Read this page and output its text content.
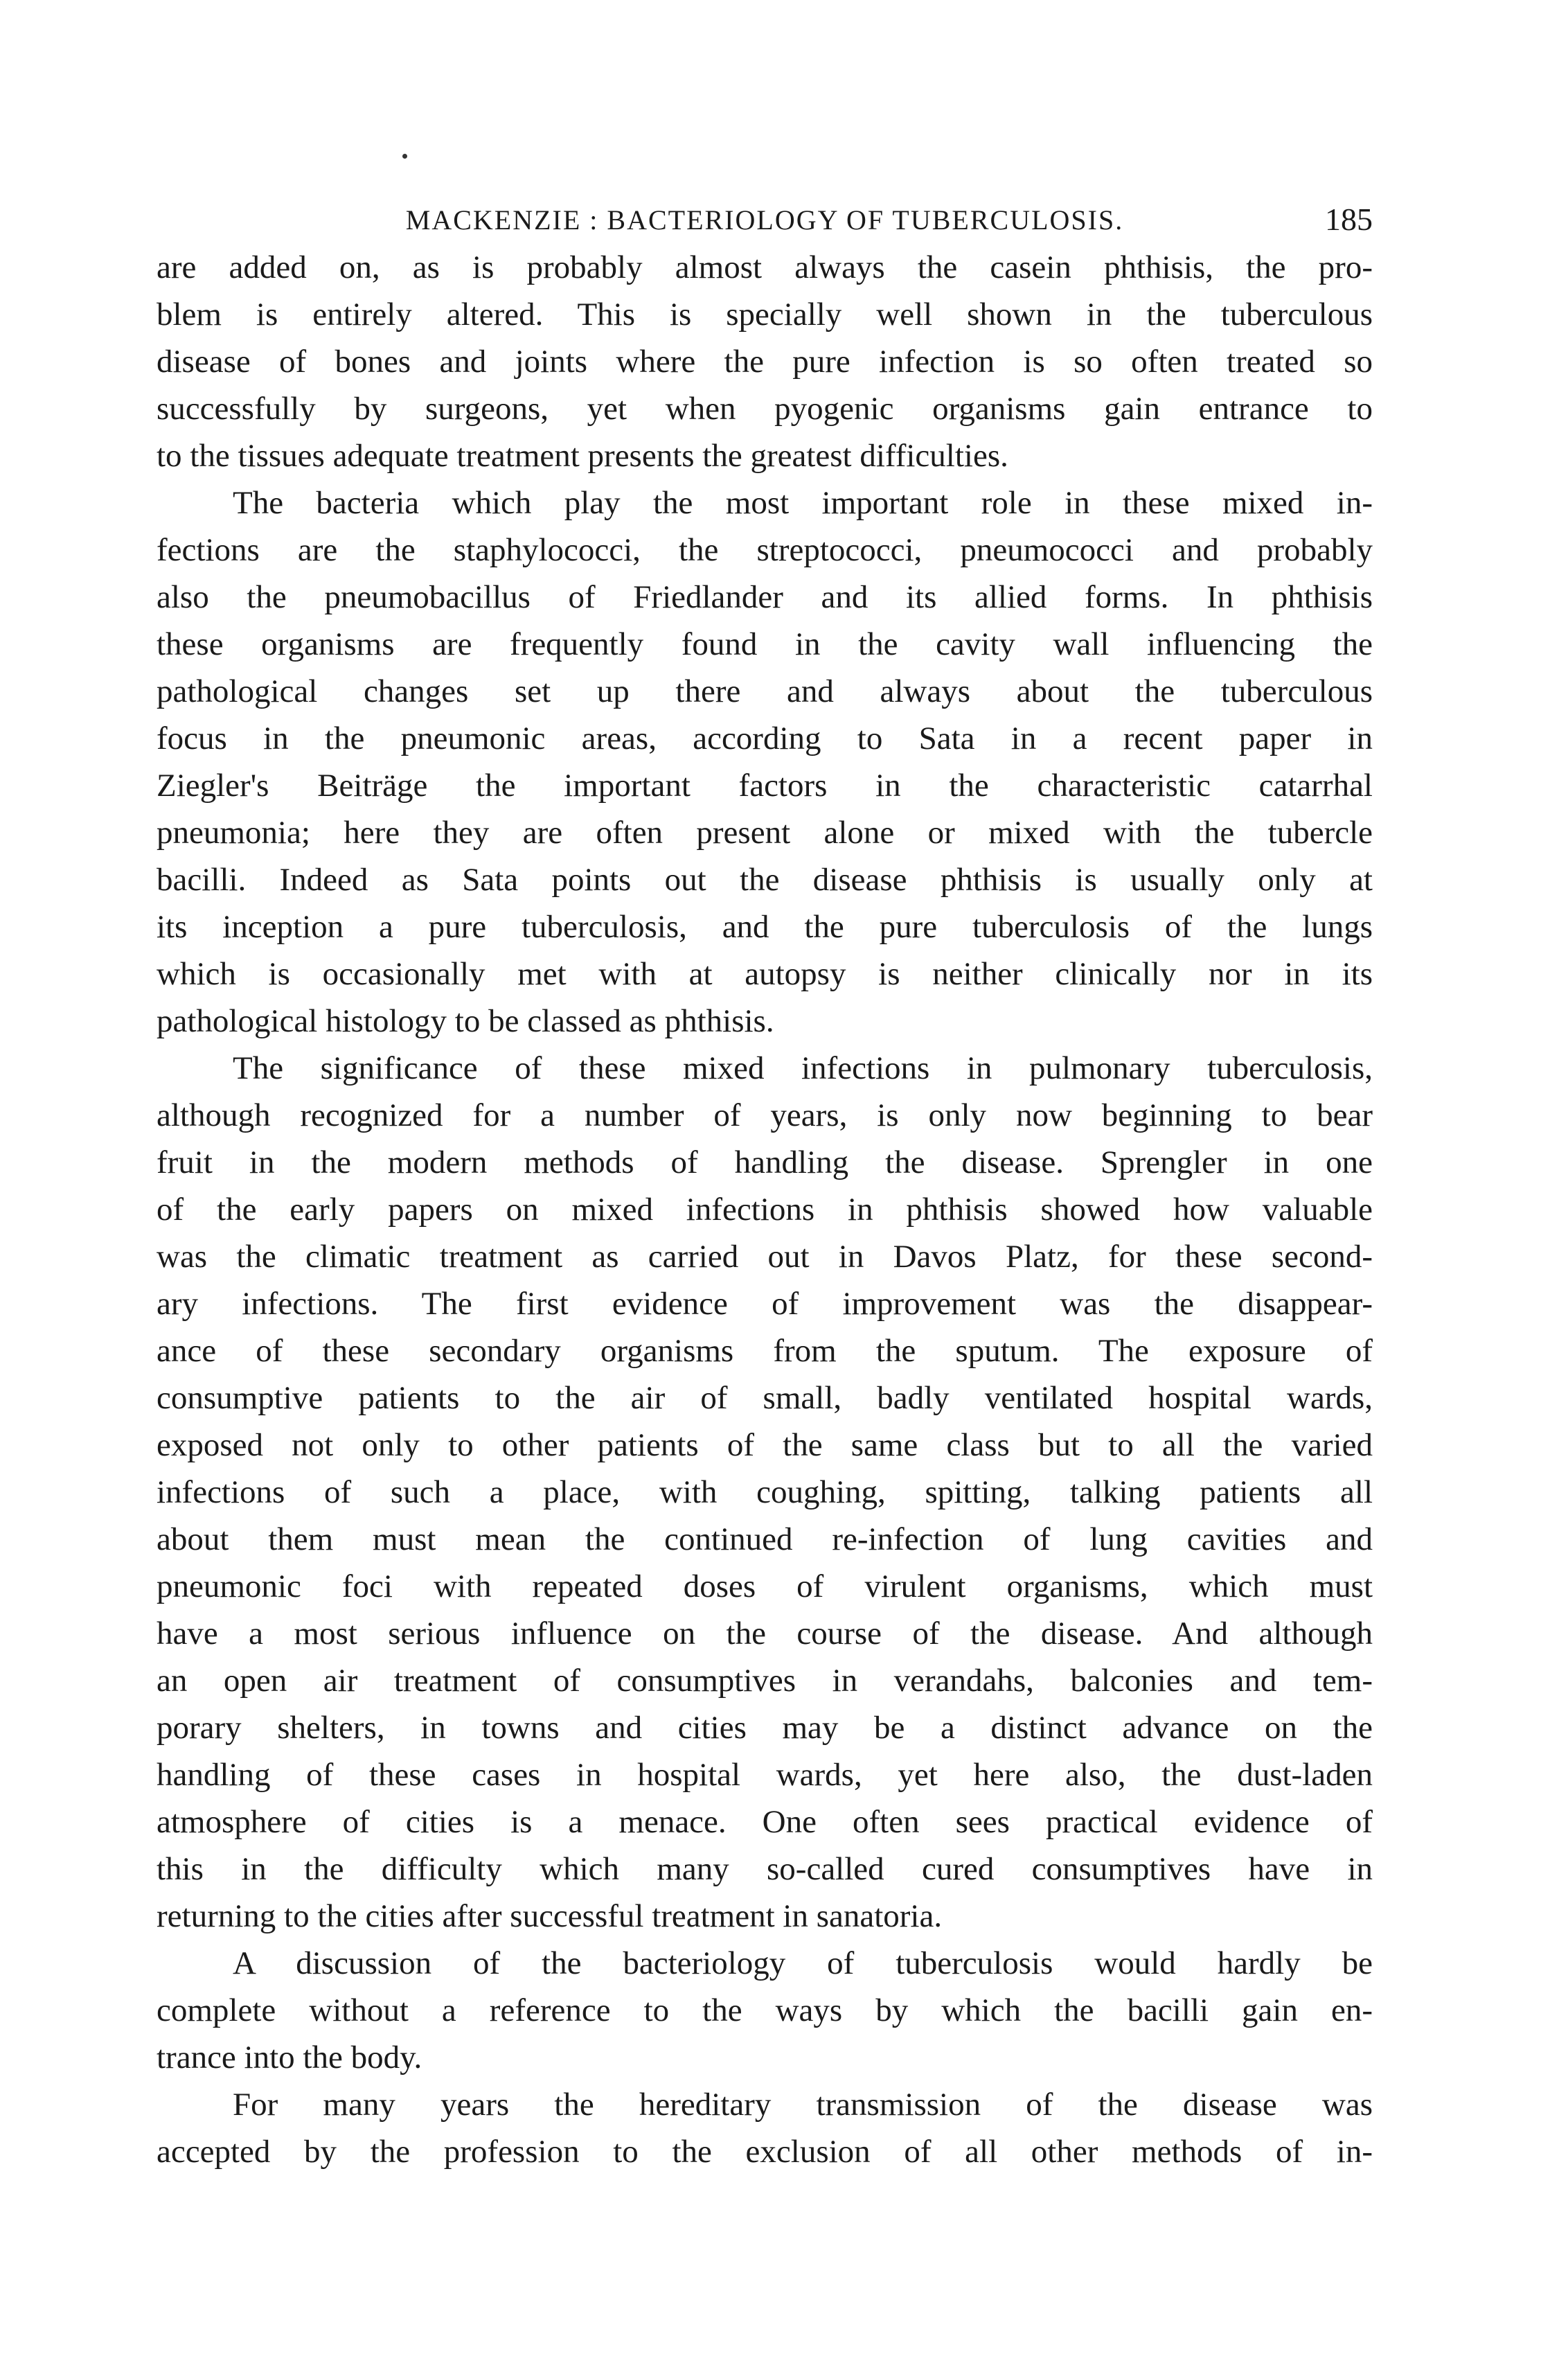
MACKENZIE : BACTERIOLOGY OF TUBERCULOSIS.	185
are added on, as is probably almost always the casein phthisis, the pro-
blem is entirely altered. This is specially well shown in the tuberculous
disease of bones and joints where the pure infection is so often treated so
successfully by surgeons, yet when pyogenic organisms gain entrance to
to the tissues adequate treatment presents the greatest difficulties.
The bacteria which play the most important role in these mixed in-
fections are the staphylococci, the streptococci, pneumococci and probably
also the pneumobacillus of Friedlander and its allied forms. In phthisis
these organisms are frequently found in the cavity wall influencing the
pathological changes set up there and always about the tuberculous
focus in the pneumonic areas, according to Sata in a recent paper in
Ziegler's Beiträge the important factors in the characteristic catarrhal
pneumonia; here they are often present alone or mixed with the tubercle
bacilli. Indeed as Sata points out the disease phthisis is usually only at
its inception a pure tuberculosis, and the pure tuberculosis of the lungs
which is occasionally met with at autopsy is neither clinically nor in its
pathological histology to be classed as phthisis.
The significance of these mixed infections in pulmonary tuberculosis,
although recognized for a number of years, is only now beginning to bear
fruit in the modern methods of handling the disease. Sprengler in one
of the early papers on mixed infections in phthisis showed how valuable
was the climatic treatment as carried out in Davos Platz, for these second-
ary infections. The first evidence of improvement was the disappear-
ance of these secondary organisms from the sputum. The exposure of
consumptive patients to the air of small, badly ventilated hospital wards,
exposed not only to other patients of the same class but to all the varied
infections of such a place, with coughing, spitting, talking patients all
about them must mean the continued re-infection of lung cavities and
pneumonic foci with repeated doses of virulent organisms, which must
have a most serious influence on the course of the disease. And although
an open air treatment of consumptives in verandahs, balconies and tem-
porary shelters, in towns and cities may be a distinct advance on the
handling of these cases in hospital wards, yet here also, the dust-laden
atmosphere of cities is a menace. One often sees practical evidence of
this in the difficulty which many so-called cured consumptives have in
returning to the cities after successful treatment in sanatoria.
A discussion of the bacteriology of tuberculosis would hardly be
complete without a reference to the ways by which the bacilli gain en-
trance into the body.
For many years the hereditary transmission of the disease was
accepted by the profession to the exclusion of all other methods of in-
